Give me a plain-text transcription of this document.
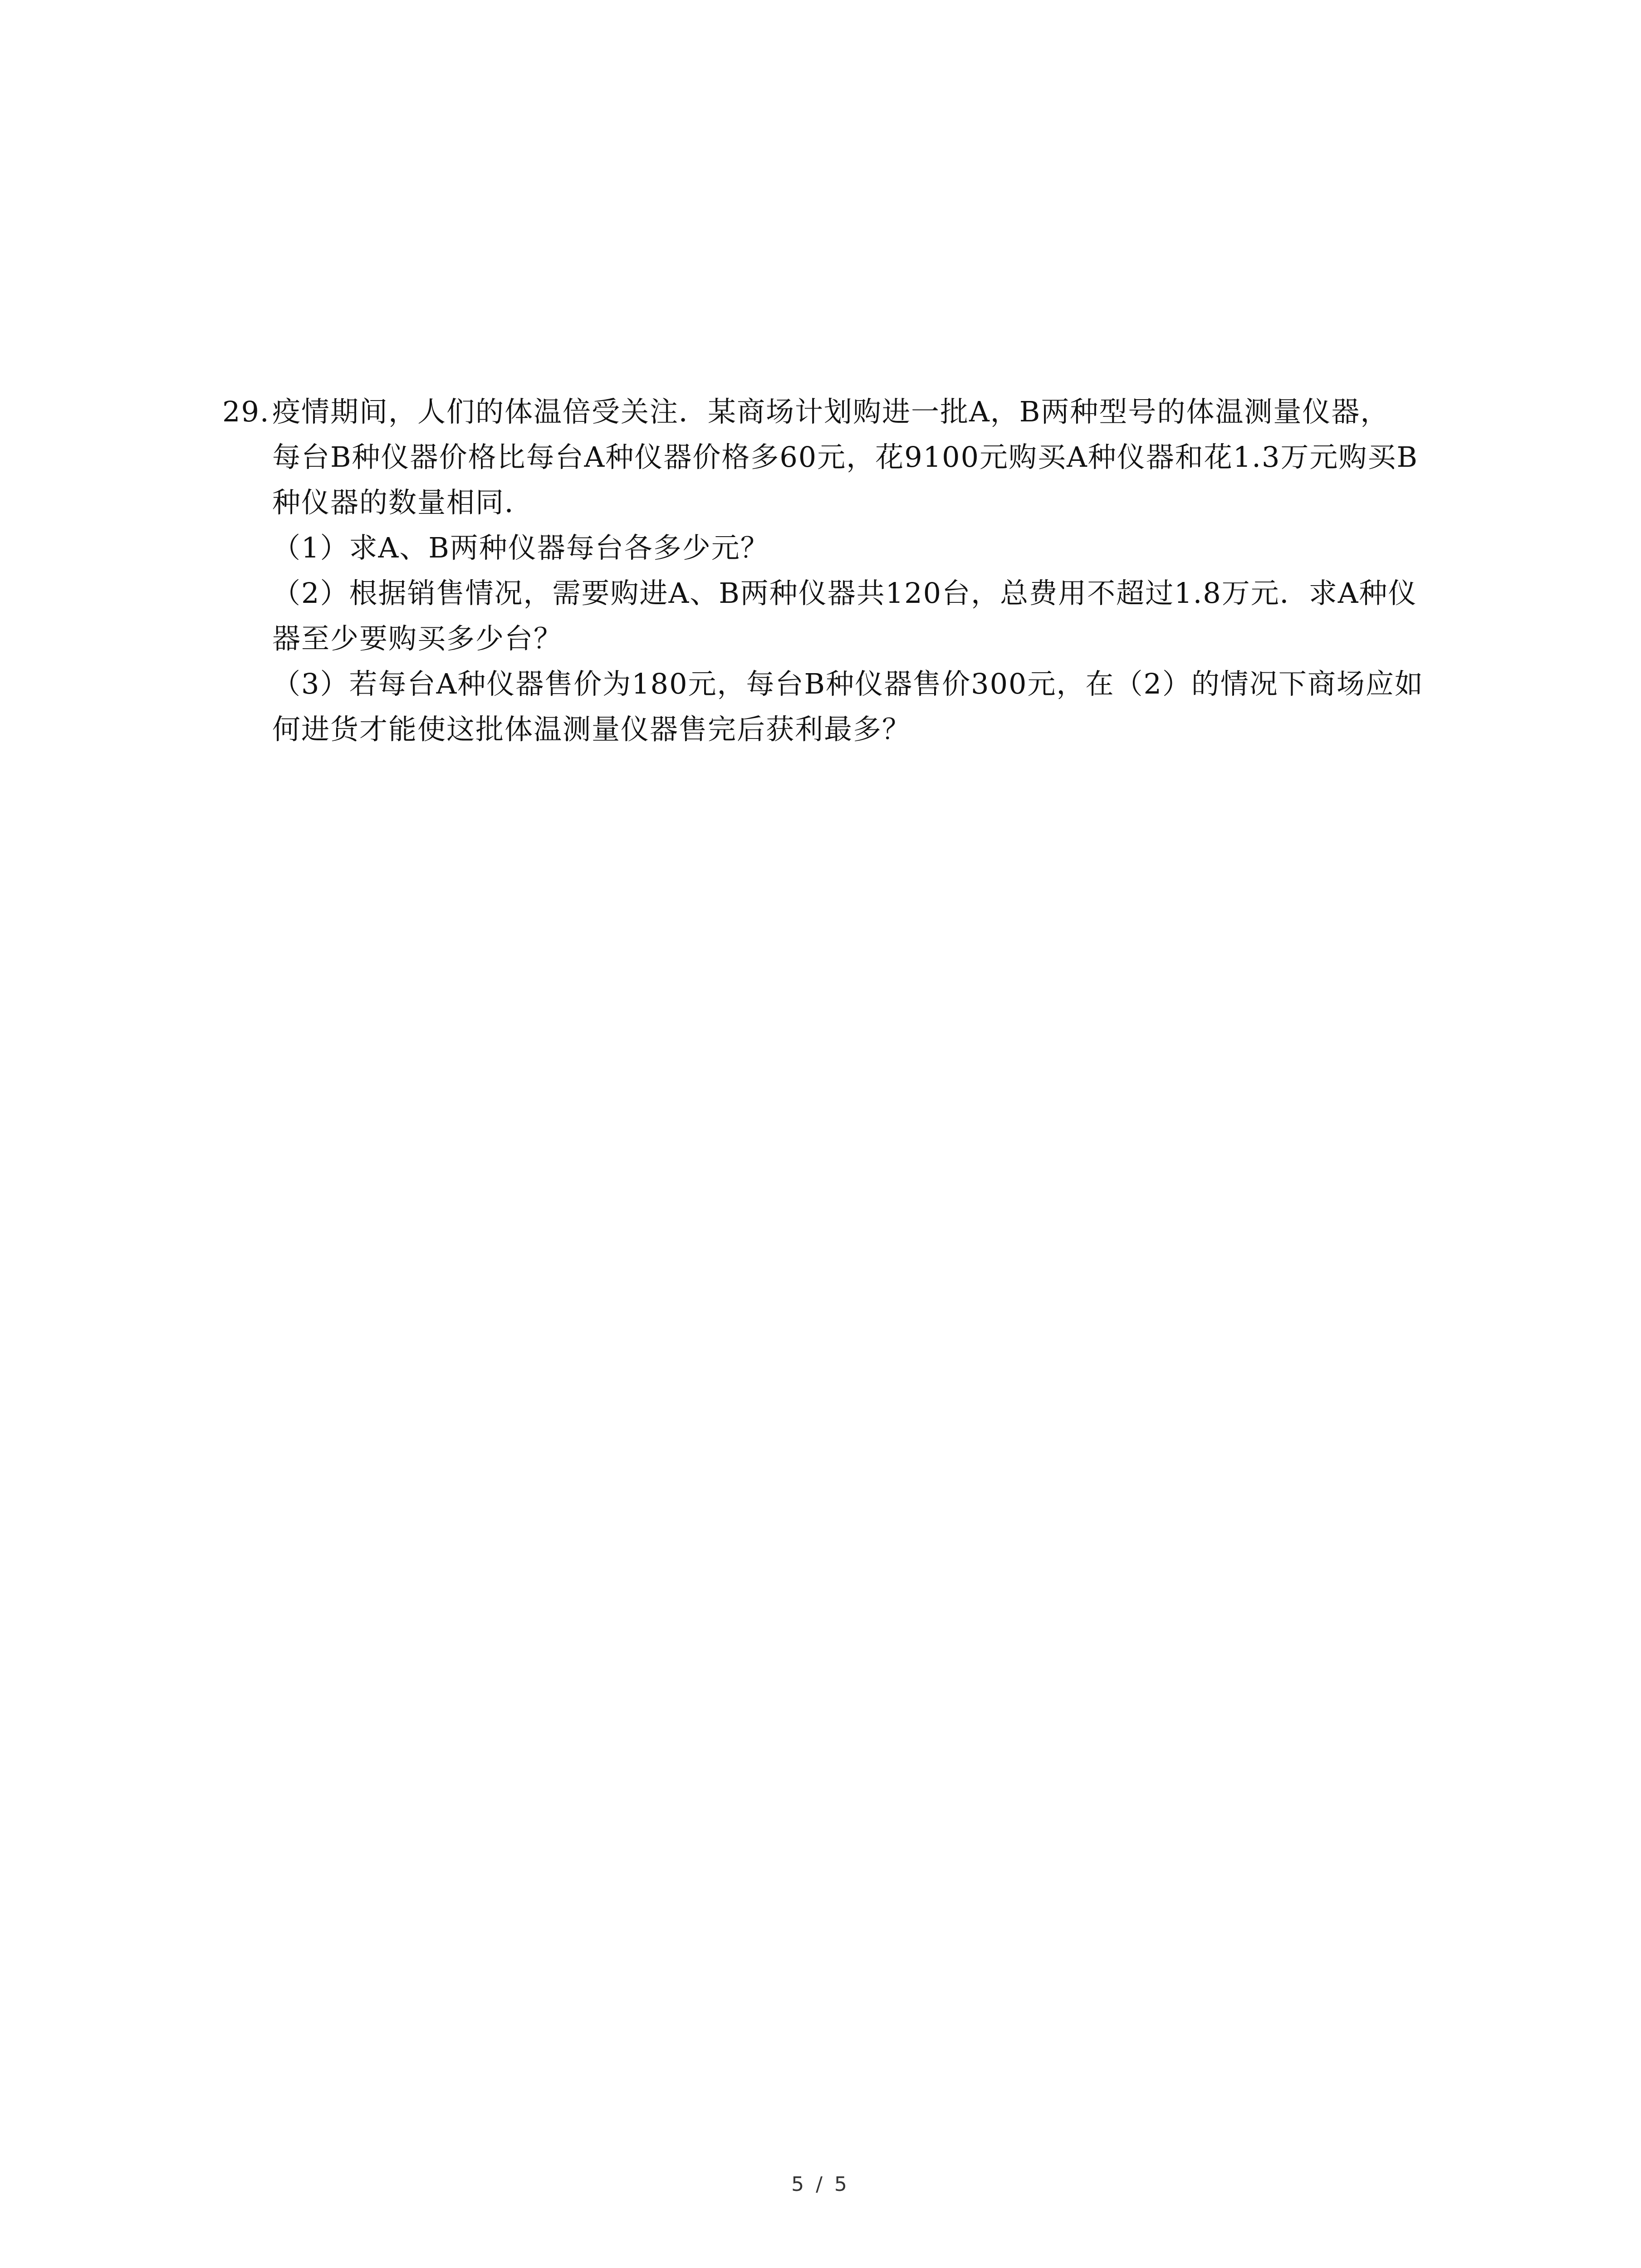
29.疫情期间，人们的体温倍受关注．某商场计划购进一批A，B两种型号的体温测量仪器，
每台B种仪器价格比每台A种仪器价格多60元，花9100元购买A种仪器和花1.3万元购买B
种仪器的数量相同．
（1）求A、B两种仪器每台各多少元？
（2）根据销售情况，需要购进A、B两种仪器共120台，总费用不超过1.8万元．求A种仪
器至少要购买多少台？
（3）若每台A种仪器售价为180元，每台B种仪器售价300元，在（2）的情况下商场应如
何进货才能使这批体温测量仪器售完后获利最多？
5 / 5
